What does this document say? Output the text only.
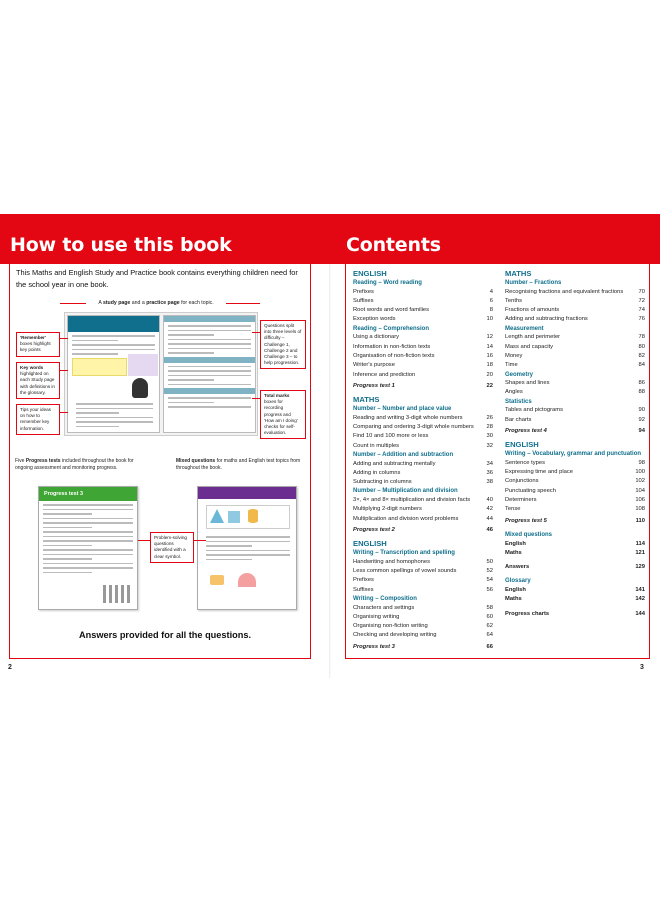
How to use this book	Contents
This Maths and English Study and Practice book contains everything children need for the school year in one book.
A study page and a practice page for each topic.
'Remember' boxes highlight key points
Key words highlighted on each Study page with definitions in the glossary.
Tips your ideas on how to remember key information.
Questions split into three levels of difficulty – Challenge 1, Challenge 2 and Challenge 3 – to help progression.
Total marks boxes for recording progress and 'How am I doing' checks for self-evaluation.
Five Progress tests included throughout the book for ongoing assessment and monitoring progress.
Mixed questions for maths and English test topics from throughout the book.
Progress test 3
Problem-solving questions identified with a clear symbol.
Answers provided for all the questions.
2	3
ENGLISH
Reading – Word reading
Prefixes	4
Suffixes	6
Root words and word families	8
Exception words	10
Reading – Comprehension
Using a dictionary	12
Information in non-fiction texts	14
Organisation of non-fiction texts	16
Writer's purpose	18
Inference and prediction	20
Progress test 1	22
MATHS
Number – Number and place value
Reading and writing 3-digit whole numbers	26
Comparing and ordering 3-digit whole numbers	28
Find 10 and 100 more or less	30
Count in multiples	32
Number – Addition and subtraction
Adding and subtracting mentally	34
Adding in columns	36
Subtracting in columns	38
Number – Multiplication and division
3×, 4× and 8× multiplication and division facts	40
Multiplying 2-digit numbers	42
Multiplication and division word problems	44
Progress test 2	46
ENGLISH
Writing – Transcription and spelling
Handwriting and homophones	50
Less common spellings of vowel sounds	52
Prefixes	54
Suffixes	56
Writing – Composition
Characters and settings	58
Organising writing	60
Organising non-fiction writing	62
Checking and developing writing	64
Progress test 3	66
MATHS
Number – Fractions
Recognising fractions and equivalent fractions	70
Tenths	72
Fractions of amounts	74
Adding and subtracting fractions	76
Measurement
Length and perimeter	78
Mass and capacity	80
Money	82
Time	84
Geometry
Shapes and lines	86
Angles	88
Statistics
Tables and pictograms	90
Bar charts	92
Progress test 4	94
ENGLISH
Writing – Vocabulary, grammar and punctuation
Sentence types	98
Expressing time and place	100
Conjunctions	102
Punctuating speech	104
Determiners	106
Tense	108
Progress test 5	110
Mixed questions
English	114
Maths	121
Answers	129
Glossary
English	141
Maths	142
Progress charts	144
